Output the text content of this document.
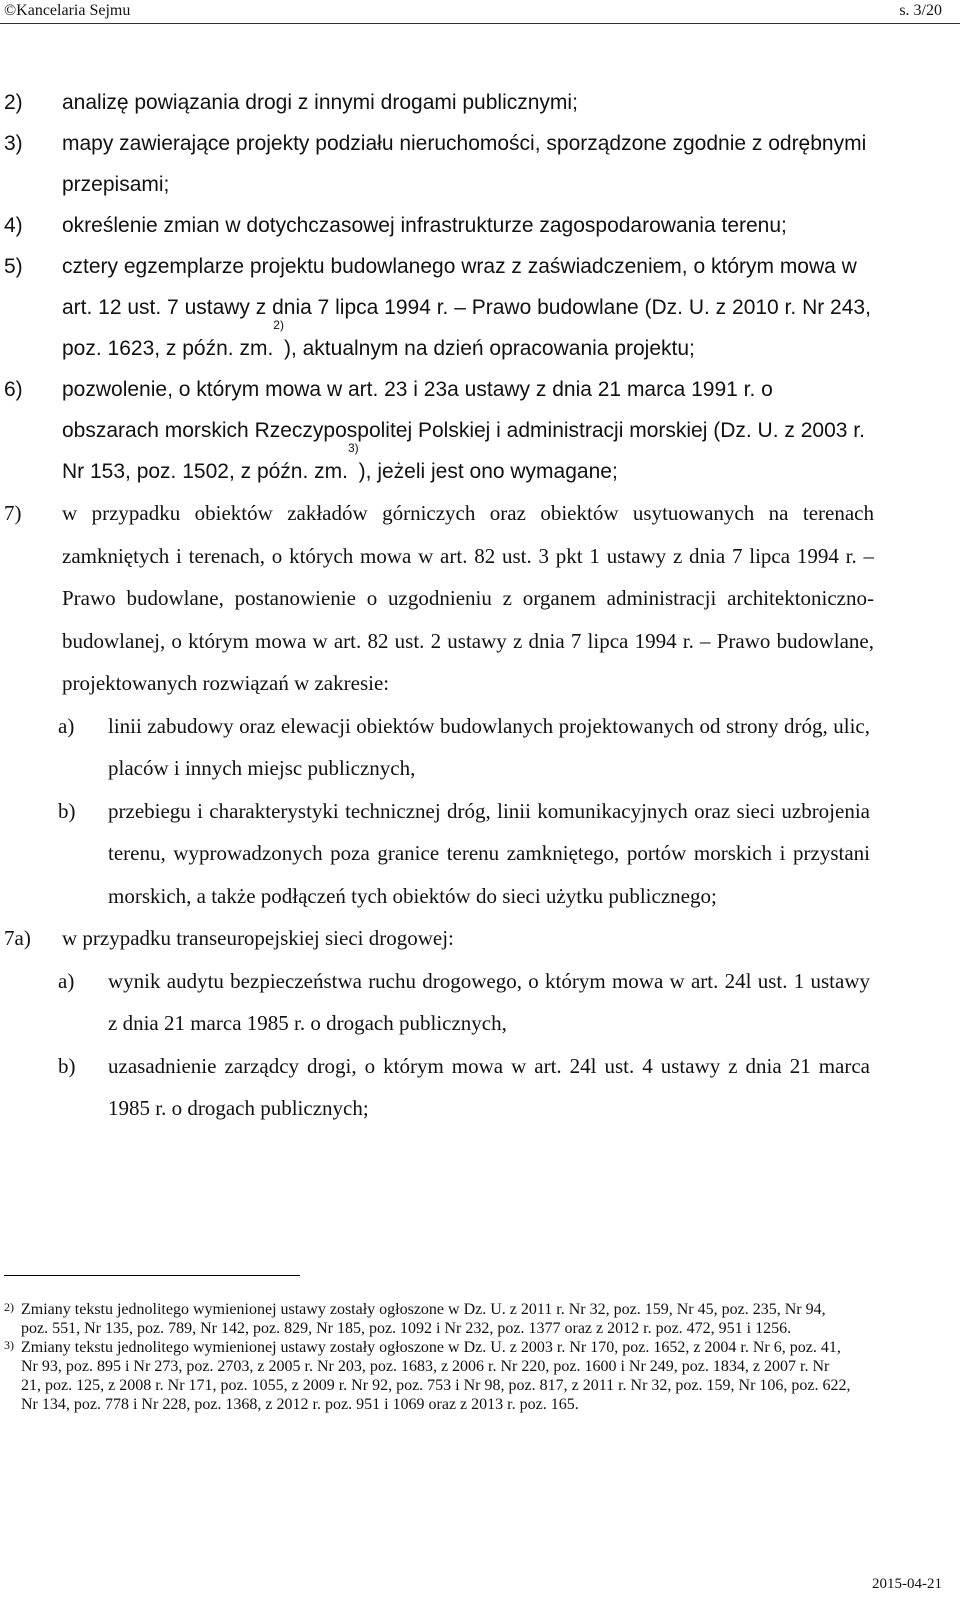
©Kancelaria Sejmu	s. 3/20
2)	analizę powiązania drogi z innymi drogami publicznymi;
3)	mapy zawierające projekty podziału nieruchomości, sporządzone zgodnie z odrębnymi przepisami;
4)	określenie zmian w dotychczasowej infrastrukturze zagospodarowania terenu;
5)	cztery egzemplarze projektu budowlanego wraz z zaświadczeniem, o którym mowa w art. 12 ust. 7 ustawy z dnia 7 lipca 1994 r. – Prawo budowlane (Dz. U. z 2010 r. Nr 243, poz. 1623, z późn. zm.$^{2)}$), aktualnym na dzień opracowania projektu;
6)	pozwolenie, o którym mowa w art. 23 i 23a ustawy z dnia 21 marca 1991 r. o obszarach morskich Rzeczypospolitej Polskiej i administracji morskiej (Dz. U. z 2003 r. Nr 153, poz. 1502, z późn. zm.$^{3)}$), jeżeli jest ono wymagane;
7)	w przypadku obiektów zakładów górniczych oraz obiektów usytuowanych na terenach zamkniętych i terenach, o których mowa w art. 82 ust. 3 pkt 1 ustawy z dnia 7 lipca 1994 r. – Prawo budowlane, postanowienie o uzgodnieniu z organem administracji architektoniczno-budowlanej, o którym mowa w art. 82 ust. 2 ustawy z dnia 7 lipca 1994 r. – Prawo budowlane, projektowanych rozwiązań w zakresie:
a)	linii zabudowy oraz elewacji obiektów budowlanych projektowanych od strony dróg, ulic, placów i innych miejsc publicznych,
b)	przebiegu i charakterystyki technicznej dróg, linii komunikacyjnych oraz sieci uzbrojenia terenu, wyprowadzonych poza granice terenu zamkniętego, portów morskich i przystani morskich, a także podłączeń tych obiektów do sieci użytku publicznego;
7a)	w przypadku transeuropejskiej sieci drogowej:
a)	wynik audytu bezpieczeństwa ruchu drogowego, o którym mowa w art. 24l ust. 1 ustawy z dnia 21 marca 1985 r. o drogach publicznych,
b)	uzasadnienie zarządcy drogi, o którym mowa w art. 24l ust. 4 ustawy z dnia 21 marca 1985 r. o drogach publicznych;
2) Zmiany tekstu jednolitego wymienionej ustawy zostały ogłoszone w Dz. U. z 2011 r. Nr 32, poz. 159, Nr 45, poz. 235, Nr 94, poz. 551, Nr 135, poz. 789, Nr 142, poz. 829, Nr 185, poz. 1092 i Nr 232, poz. 1377 oraz z 2012 r. poz. 472, 951 i 1256.
3) Zmiany tekstu jednolitego wymienionej ustawy zostały ogłoszone w Dz. U. z 2003 r. Nr 170, poz. 1652, z 2004 r. Nr 6, poz. 41, Nr 93, poz. 895 i Nr 273, poz. 2703, z 2005 r. Nr 203, poz. 1683, z 2006 r. Nr 220, poz. 1600 i Nr 249, poz. 1834, z 2007 r. Nr 21, poz. 125, z 2008 r. Nr 171, poz. 1055, z 2009 r. Nr 92, poz. 753 i Nr 98, poz. 817, z 2011 r. Nr 32, poz. 159, Nr 106, poz. 622, Nr 134, poz. 778 i Nr 228, poz. 1368, z 2012 r. poz. 951 i 1069 oraz z 2013 r. poz. 165.
2015-04-21
